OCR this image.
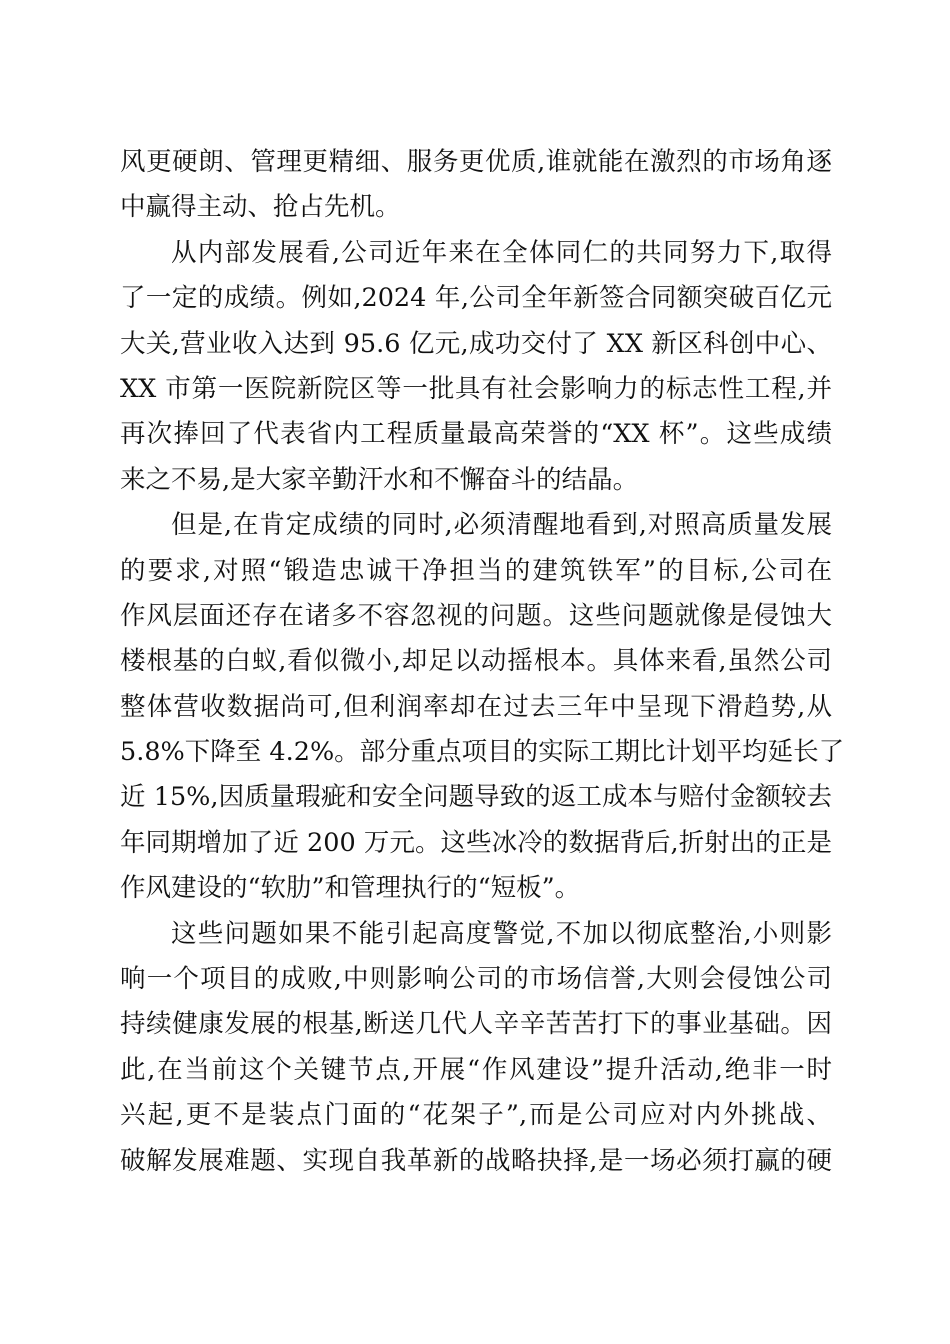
风更硬朗、管理更精细、服务更优质,谁就能在激烈的市场角逐
中赢得主动、抢占先机。
从内部发展看,公司近年来在全体同仁的共同努力下,取得
了一定的成绩。例如,2024 年,公司全年新签合同额突破百亿元
大关,营业收入达到 95.6 亿元,成功交付了 XX 新区科创中心、
XX 市第一医院新院区等一批具有社会影响力的标志性工程,并
再次捧回了代表省内工程质量最高荣誉的“XX 杯”。这些成绩
来之不易,是大家辛勤汗水和不懈奋斗的结晶。
但是,在肯定成绩的同时,必须清醒地看到,对照高质量发展
的要求,对照“锻造忠诚干净担当的建筑铁军”的目标,公司在
作风层面还存在诸多不容忽视的问题。这些问题就像是侵蚀大
楼根基的白蚁,看似微小,却足以动摇根本。具体来看,虽然公司
整体营收数据尚可,但利润率却在过去三年中呈现下滑趋势,从
5.8%下降至 4.2%。部分重点项目的实际工期比计划平均延长了
近 15%,因质量瑕疵和安全问题导致的返工成本与赔付金额较去
年同期增加了近 200 万元。这些冰冷的数据背后,折射出的正是
作风建设的“软肋”和管理执行的“短板”。
这些问题如果不能引起高度警觉,不加以彻底整治,小则影
响一个项目的成败,中则影响公司的市场信誉,大则会侵蚀公司
持续健康发展的根基,断送几代人辛辛苦苦打下的事业基础。因
此,在当前这个关键节点,开展“作风建设”提升活动,绝非一时
兴起,更不是装点门面的“花架子”,而是公司应对内外挑战、
破解发展难题、实现自我革新的战略抉择,是一场必须打赢的硬
